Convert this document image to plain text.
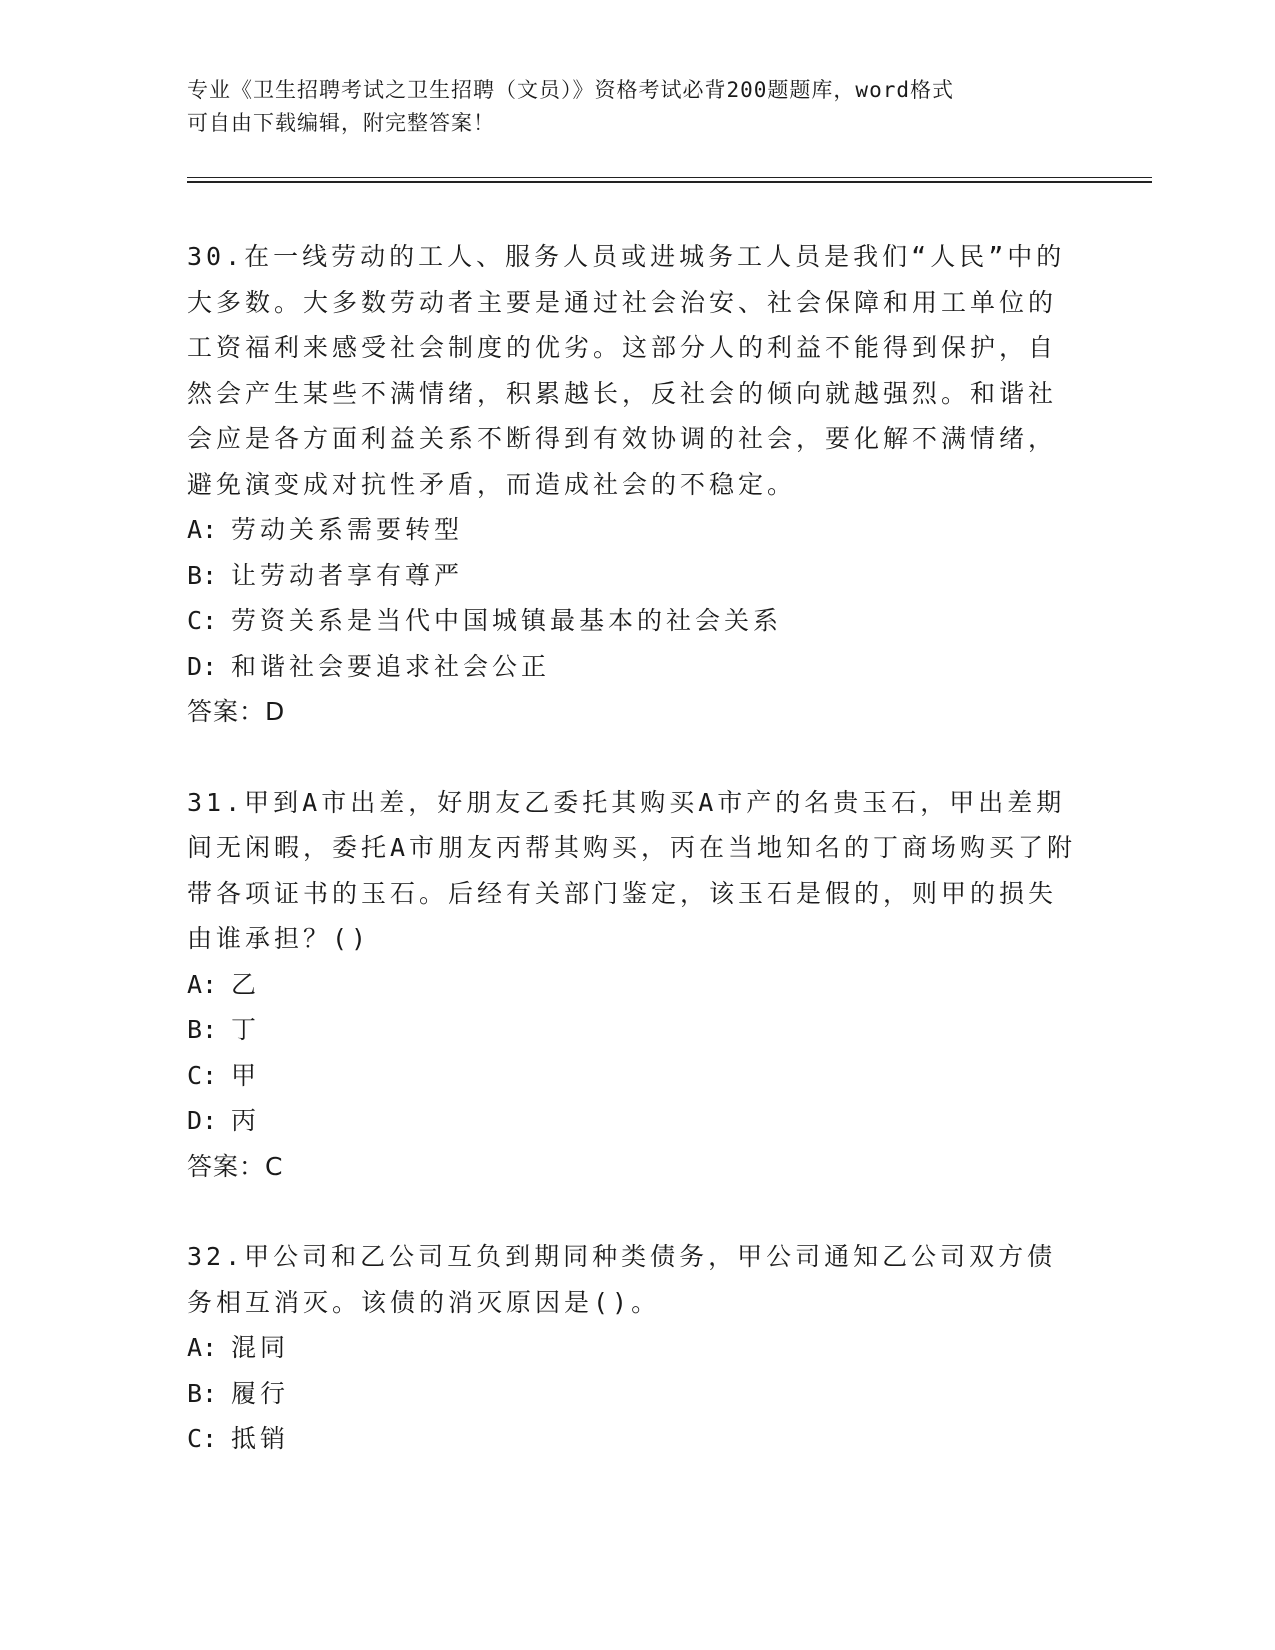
专业《卫生招聘考试之卫生招聘（文员）》资格考试必背200题题库，word格式
可自由下载编辑，附完整答案！

30.在一线劳动的工人、服务人员或进城务工人员是我们“人民”中的大多数。大多数劳动者主要是通过社会治安、社会保障和用工单位的工资福利来感受社会制度的优劣。这部分人的利益不能得到保护，自然会产生某些不满情绪，积累越长，反社会的倾向就越强烈。和谐社会应是各方面利益关系不断得到有效协调的社会，要化解不满情绪，避免演变成对抗性矛盾，而造成社会的不稳定。

A: 劳动关系需要转型

B: 让劳动者享有尊严

C: 劳资关系是当代中国城镇最基本的社会关系

D: 和谐社会要追求社会公正

答案：D

31.甲到A市出差，好朋友乙委托其购买A市产的名贵玉石，甲出差期间无闲暇，委托A市朋友丙帮其购买，丙在当地知名的丁商场购买了附带各项证书的玉石。后经有关部门鉴定，该玉石是假的，则甲的损失由谁承担？()

A: 乙

B: 丁

C: 甲

D: 丙

答案：C

32.甲公司和乙公司互负到期同种类债务，甲公司通知乙公司双方债务相互消灭。该债的消灭原因是()。

A: 混同

B: 履行

C: 抵销
